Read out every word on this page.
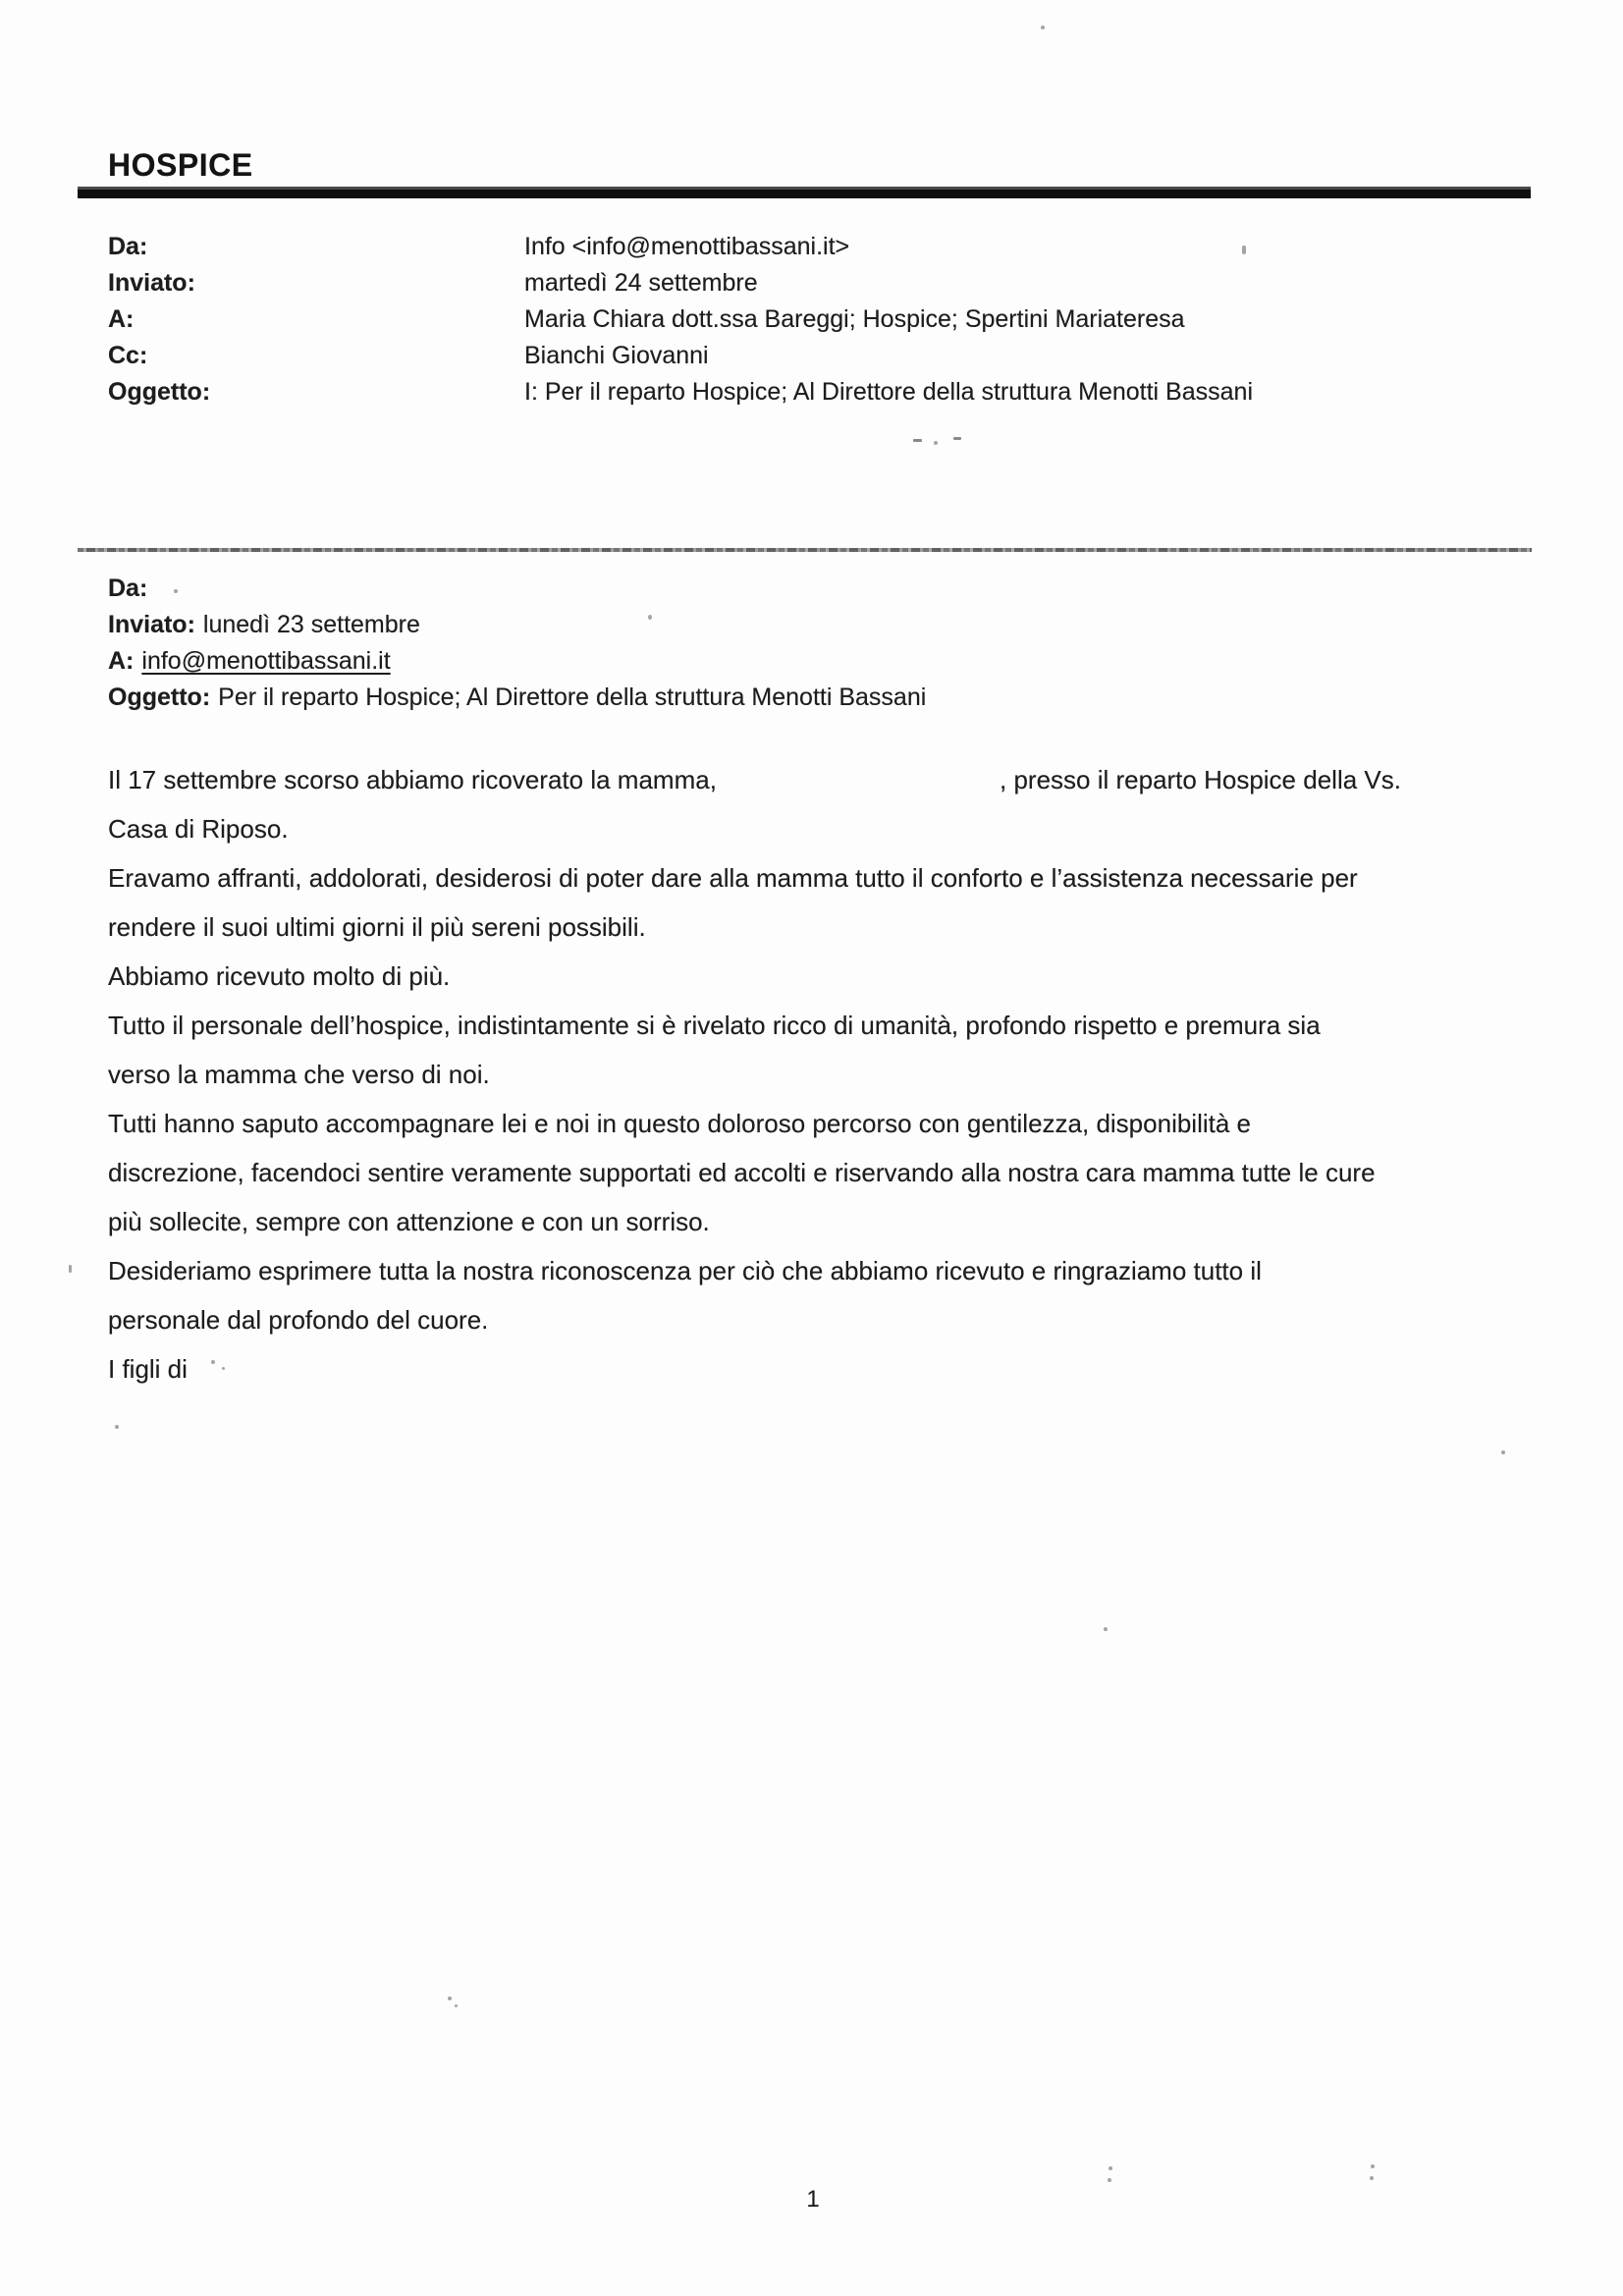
HOSPICE
Da:	Info <info@menottibassani.it>
Inviato:	martedì 24 settembre
A:	Maria Chiara dott.ssa Bareggi; Hospice; Spertini Mariateresa
Cc:	Bianchi Giovanni
Oggetto:	I: Per il reparto Hospice; Al Direttore della struttura Menotti Bassani
Da:
Inviato: lunedì 23 settembre
A: info@menottibassani.it
Oggetto: Per il reparto Hospice; Al Direttore della struttura Menotti Bassani
Il 17 settembre scorso abbiamo ricoverato la mamma,	, presso il reparto Hospice della Vs.
Casa di Riposo.
Eravamo affranti, addolorati, desiderosi di poter dare alla mamma tutto il conforto e l’assistenza necessarie per
rendere il suoi ultimi giorni il più sereni possibili.
Abbiamo ricevuto molto di più.
Tutto il personale dell’hospice, indistintamente si è rivelato ricco di umanità, profondo rispetto e premura sia
verso la mamma che verso di noi.
Tutti hanno saputo accompagnare lei e noi in questo doloroso percorso con gentilezza, disponibilità e
discrezione, facendoci sentire veramente supportati ed accolti e riservando alla nostra cara mamma tutte le cure
più sollecite, sempre con attenzione e con un sorriso.
Desideriamo esprimere tutta la nostra riconoscenza per ciò che abbiamo ricevuto e ringraziamo tutto il
personale dal profondo del cuore.
I figli di
1
